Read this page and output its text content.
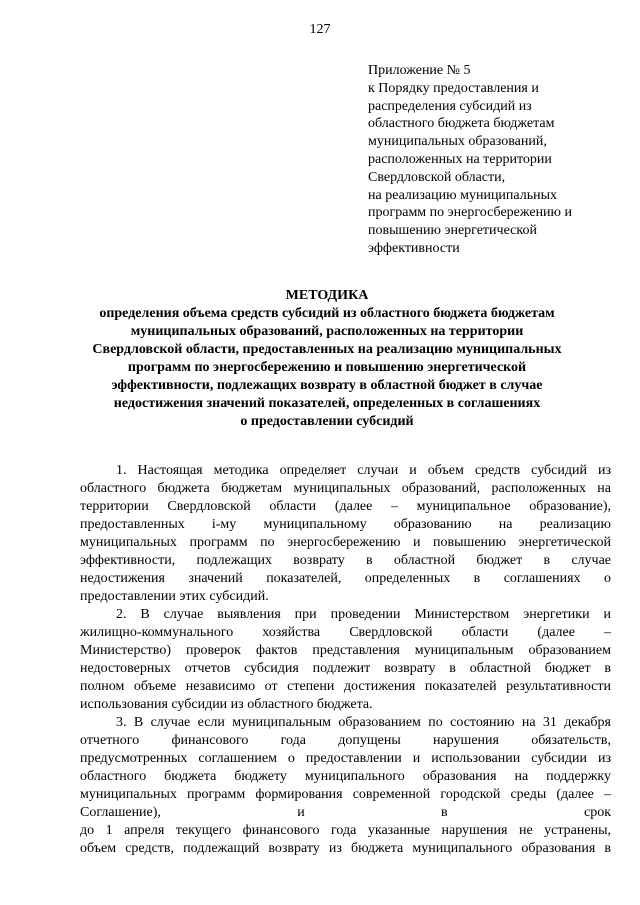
127
Приложение № 5
к Порядку предоставления и
распределения субсидий из
областного бюджета бюджетам
муниципальных образований,
расположенных на территории
Свердловской области,
на реализацию муниципальных
программ по энергосбережению и
повышению энергетической
эффективности
МЕТОДИКА
определения объема средств субсидий из областного бюджета бюджетам
муниципальных образований, расположенных на территории
Свердловской области, предоставленных на реализацию муниципальных
программ по энергосбережению и повышению энергетической
эффективности, подлежащих возврату в областной бюджет в случае
недостижения значений показателей, определенных в соглашениях
о предоставлении субсидий
1. Настоящая методика определяет случаи и объем средств субсидий из
областного бюджета бюджетам муниципальных образований, расположенных на
территории Свердловской области (далее – муниципальное образование),
предоставленных i-му муниципальному образованию на реализацию
муниципальных программ по энергосбережению и повышению энергетической
эффективности, подлежащих возврату в областной бюджет в случае
недостижения значений показателей, определенных в соглашениях о
предоставлении этих субсидий.
2. В случае выявления при проведении Министерством энергетики и
жилищно-коммунального хозяйства Свердловской области (далее –
Министерство) проверок фактов представления муниципальным образованием
недостоверных отчетов субсидия подлежит возврату в областной бюджет в
полном объеме независимо от степени достижения показателей результативности
использования субсидии из областного бюджета.
3. В случае если муниципальным образованием по состоянию на 31 декабря
отчетного финансового года допущены нарушения обязательств,
предусмотренных соглашением о предоставлении и использовании субсидии из
областного бюджета бюджету муниципального образования на поддержку
муниципальных программ формирования современной городской среды (далее –
Соглашение), и в срок
до 1 апреля текущего финансового года указанные нарушения не устранены,
объем средств, подлежащий возврату из бюджета муниципального образования в
